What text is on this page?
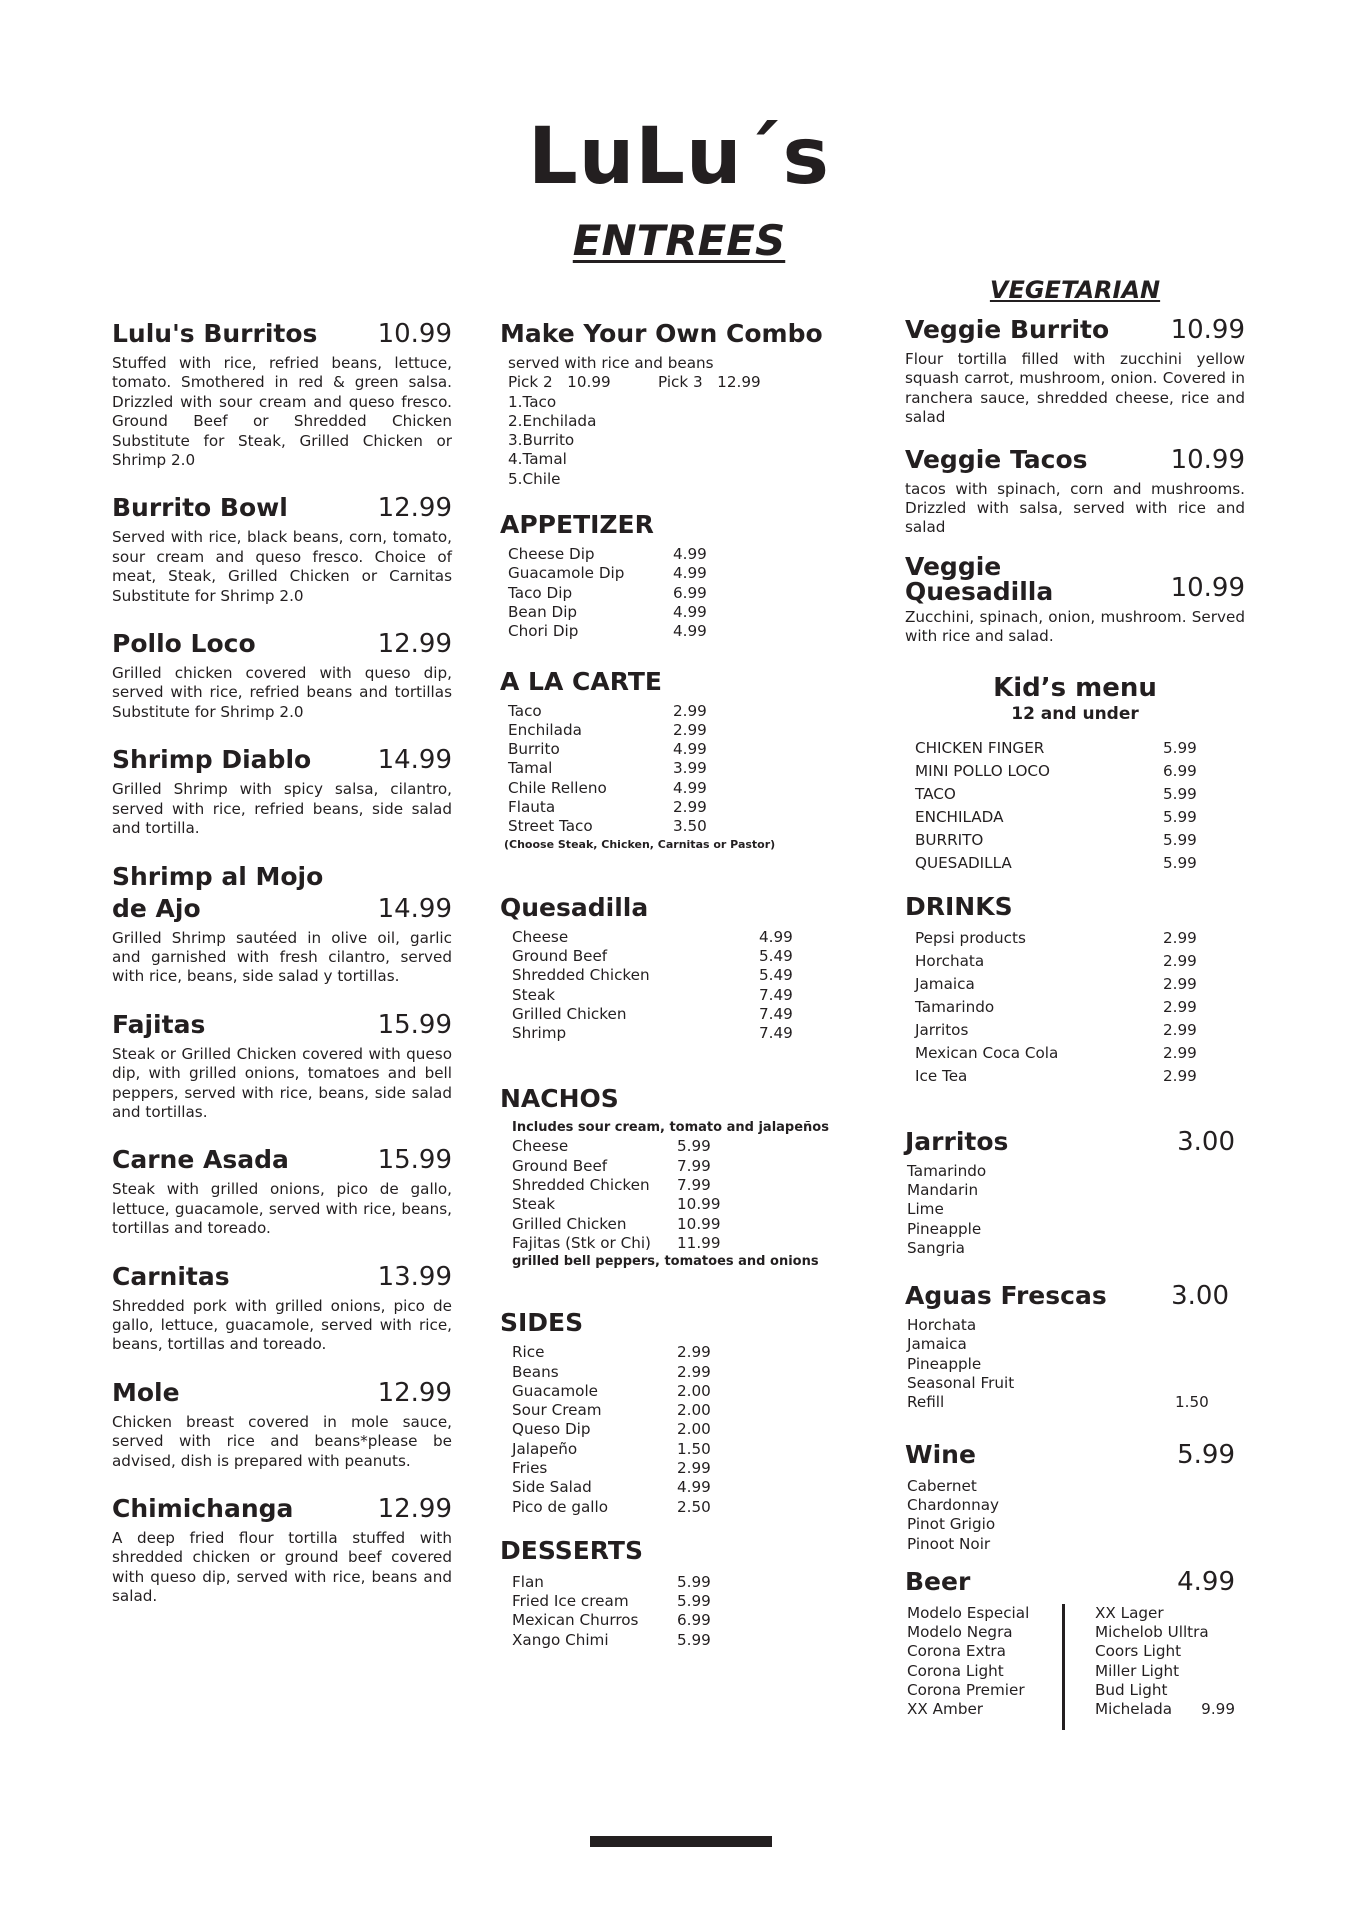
LuLu´s
ENTREES
Lulu's Burritos	10.99
Stuffed with rice, refried beans, lettuce, tomato. Smothered in red & green salsa. Drizzled with sour cream and queso fresco. Ground Beef or Shredded Chicken Substitute for Steak, Grilled Chicken or Shrimp 2.0
Burrito Bowl	12.99
Served with rice, black beans, corn, tomato, sour cream and queso fresco. Choice of meat, Steak, Grilled Chicken or Carnitas Substitute for Shrimp 2.0
Pollo Loco	12.99
Grilled chicken covered with queso dip, served with rice, refried beans and tortillas Substitute for Shrimp 2.0
Shrimp Diablo	14.99
Grilled Shrimp with spicy salsa, cilantro, served with rice, refried beans, side salad and tortilla.
Shrimp al Mojo de Ajo	14.99
Grilled Shrimp sautéed in olive oil, garlic and garnished with fresh cilantro, served with rice, beans, side salad y tortillas.
Fajitas	15.99
Steak or Grilled Chicken covered with queso dip, with grilled onions, tomatoes and bell peppers, served with rice, beans, side salad and tortillas.
Carne Asada	15.99
Steak with grilled onions, pico de gallo, lettuce, guacamole, served with rice, beans, tortillas and toreado.
Carnitas	13.99
Shredded pork with grilled onions, pico de gallo, lettuce, guacamole, served with rice, beans, tortillas and toreado.
Mole	12.99
Chicken breast covered in mole sauce, served with rice and beans*please be advised, dish is prepared with peanuts.
Chimichanga	12.99
A deep fried flour tortilla stuffed with shredded chicken or ground beef covered with queso dip, served with rice, beans and salad.
Make Your Own Combo
served with rice and beans
Pick 2   10.99	Pick 3   12.99
1.Taco
2.Enchilada
3.Burrito
4.Tamal
5.Chile
APPETIZER
Cheese Dip	4.99
Guacamole Dip	4.99
Taco Dip	6.99
Bean Dip	4.99
Chori Dip	4.99
A LA CARTE
Taco	2.99
Enchilada	2.99
Burrito	4.99
Tamal	3.99
Chile Relleno	4.99
Flauta	2.99
Street Taco	3.50
(Choose Steak, Chicken, Carnitas or Pastor)
Quesadilla
Cheese	4.99
Ground Beef	5.49
Shredded Chicken	5.49
Steak	7.49
Grilled Chicken	7.49
Shrimp	7.49
NACHOS
Includes sour cream, tomato and jalapeños
Cheese	5.99
Ground Beef	7.99
Shredded Chicken	7.99
Steak	10.99
Grilled Chicken	10.99
Fajitas (Stk or Chi)	11.99
grilled bell peppers, tomatoes and onions
SIDES
Rice	2.99
Beans	2.99
Guacamole	2.00
Sour Cream	2.00
Queso Dip	2.00
Jalapeño	1.50
Fries	2.99
Side Salad	4.99
Pico de gallo	2.50
DESSERTS
Flan	5.99
Fried Ice cream	5.99
Mexican Churros	6.99
Xango Chimi	5.99
VEGETARIAN
Veggie Burrito	10.99
Flour tortilla filled with zucchini yellow squash carrot, mushroom, onion. Covered in ranchera sauce, shredded cheese, rice and salad
Veggie Tacos	10.99
tacos with spinach, corn and mushrooms. Drizzled with salsa, served with rice and salad
Veggie Quesadilla	10.99
Zucchini, spinach, onion, mushroom. Served with rice and salad.
Kid’s menu
12 and under
CHICKEN FINGER	5.99
MINI POLLO LOCO	6.99
TACO	5.99
ENCHILADA	5.99
BURRITO	5.99
QUESADILLA	5.99
DRINKS
Pepsi products	2.99
Horchata	2.99
Jamaica	2.99
Tamarindo	2.99
Jarritos	2.99
Mexican Coca Cola	2.99
Ice Tea	2.99
Jarritos	3.00
Tamarindo
Mandarin
Lime
Pineapple
Sangria
Aguas Frescas	3.00
Horchata
Jamaica
Pineapple
Seasonal Fruit
Refill	1.50
Wine	5.99
Cabernet
Chardonnay
Pinot Grigio
Pinoot Noir
Beer	4.99
Modelo Especial
Modelo Negra
Corona Extra
Corona Light
Corona Premier
XX Amber
XX Lager
Michelob Ulltra
Coors Light
Miller Light
Bud Light
Michelada	9.99
